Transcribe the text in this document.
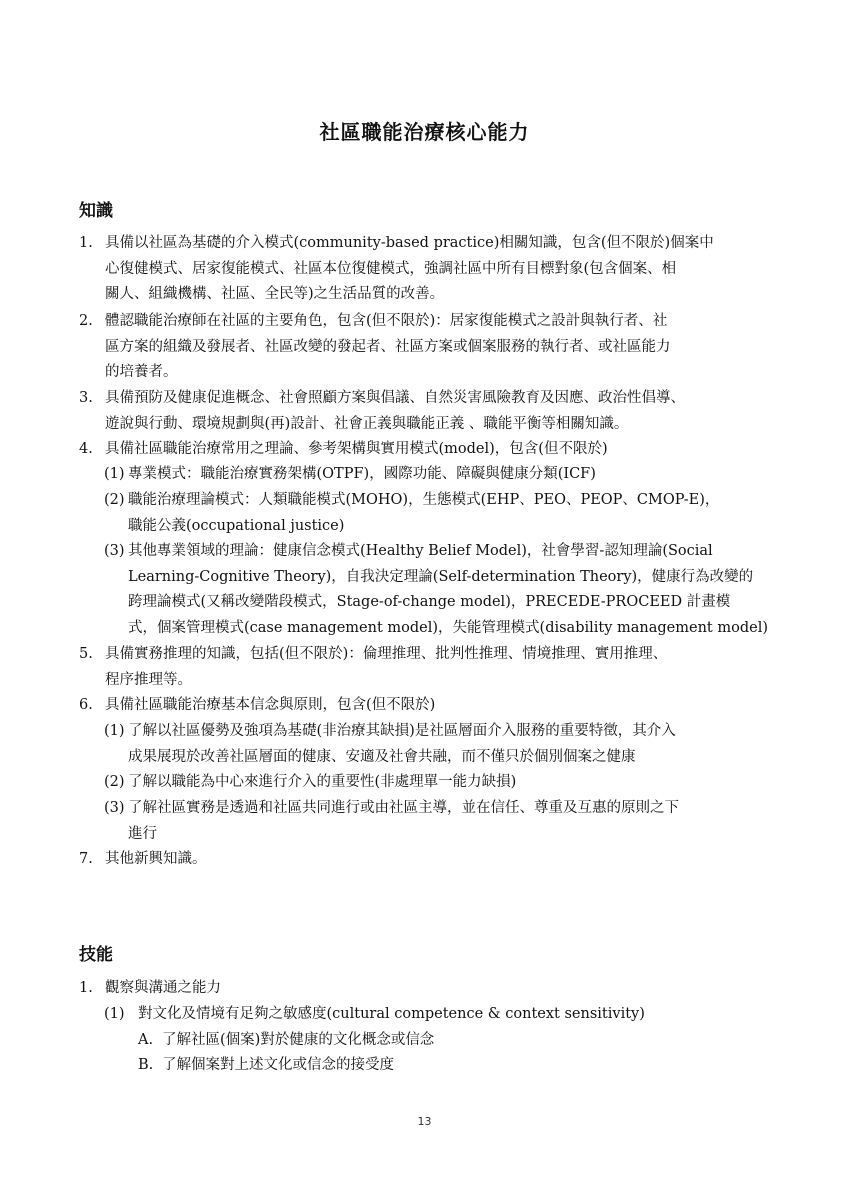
社區職能治療核心能力
知識
1. 具備以社區為基礎的介入模式(community-based practice)相關知識，包含(但不限於)個案中
心復健模式、居家復能模式、社區本位復健模式，強調社區中所有目標對象(包含個案、相
關人、組織機構、社區、全民等)之生活品質的改善。
2. 體認職能治療師在社區的主要角色，包含(但不限於)：居家復能模式之設計與執行者、社
區方案的組織及發展者、社區改變的發起者、社區方案或個案服務的執行者、或社區能力
的培養者。
3. 具備預防及健康促進概念、社會照顧方案與倡議、自然災害風險教育及因應、政治性倡導、
遊說與行動、環境規劃與(再)設計、社會正義與職能正義 、職能平衡等相關知識。
4. 具備社區職能治療常用之理論、參考架構與實用模式(model)，包含(但不限於)
(1) 專業模式：職能治療實務架構(OTPF)，國際功能、障礙與健康分類(ICF)
(2) 職能治療理論模式：人類職能模式(MOHO)，生態模式(EHP、PEO、PEOP、CMOP-E)，
職能公義(occupational justice)
(3) 其他專業領域的理論：健康信念模式(Healthy Belief Model)，社會學習-認知理論(Social
Learning-Cognitive Theory)，自我決定理論(Self-determination Theory)，健康行為改變的
跨理論模式(又稱改變階段模式，Stage-of-change model)，PRECEDE-PROCEED 計畫模
式，個案管理模式(case management model)，失能管理模式(disability management model)
5. 具備實務推理的知識，包括(但不限於)：倫理推理、批判性推理、情境推理、實用推理、
程序推理等。
6. 具備社區職能治療基本信念與原則，包含(但不限於)
(1) 了解以社區優勢及強項為基礎(非治療其缺損)是社區層面介入服務的重要特徵，其介入
成果展現於改善社區層面的健康、安適及社會共融，而不僅只於個別個案之健康
(2) 了解以職能為中心來進行介入的重要性(非處理單一能力缺損)
(3) 了解社區實務是透過和社區共同進行或由社區主導，並在信任、尊重及互惠的原則之下
進行
7. 其他新興知識。
技能
1. 觀察與溝通之能力
(1) 對文化及情境有足夠之敏感度(cultural competence & context sensitivity)
A. 了解社區(個案)對於健康的文化概念或信念
B. 了解個案對上述文化或信念的接受度
13
